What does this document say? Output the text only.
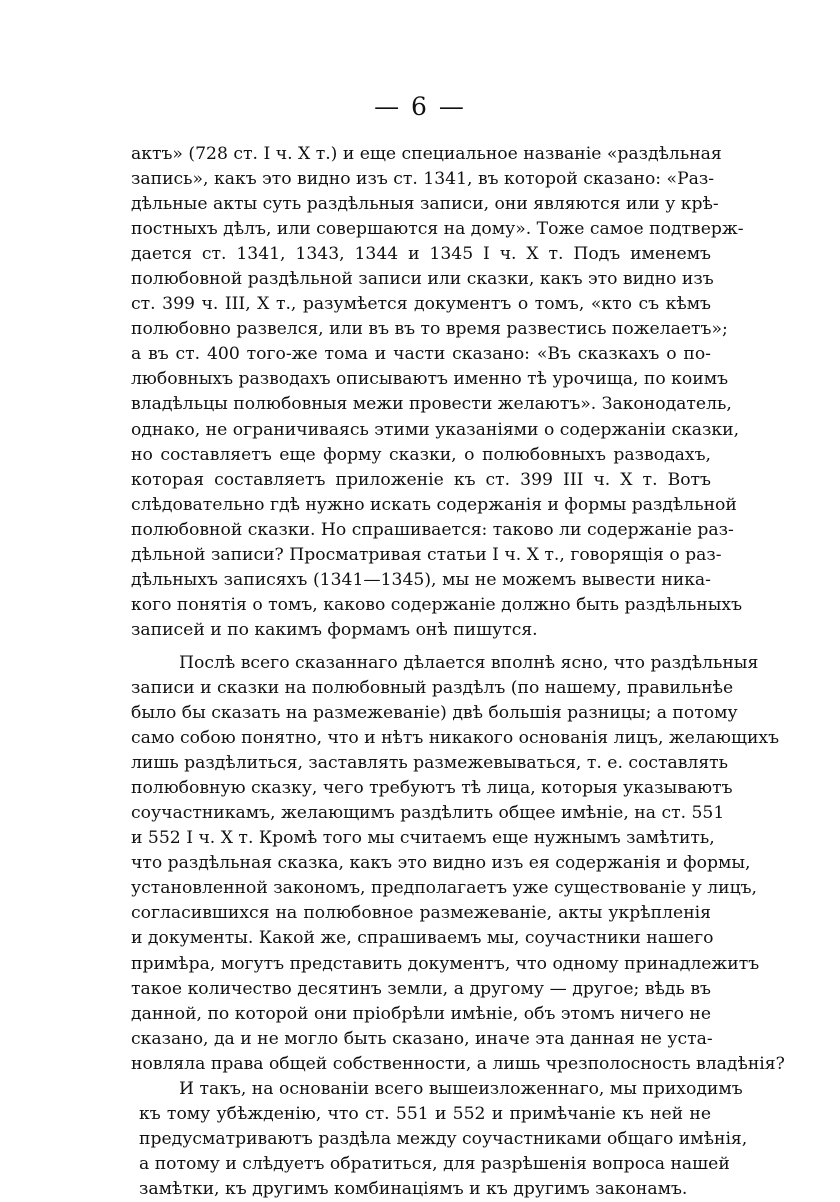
— 6 —
актъ» (728 ст. I ч. X т.) и еще специальное названіе «раздѣльная
запись», какъ это видно изъ ст. 1341, въ которой сказано: «Раз-
дѣльные акты суть раздѣльныя записи, они являются или у крѣ-
постныхъ дѣлъ, или совершаются на дому». Тоже самое подтверж-
дается ст. 1341, 1343, 1344 и 1345 I ч. X т. Подъ именемъ
полюбовной раздѣльной записи или сказки, какъ это видно изъ
ст. 399 ч. III, X т., разумѣется документъ о томъ, «кто съ кѣмъ
полюбовно развелся, или въ въ то время развестись пожелаетъ»;
а въ ст. 400 того-же тома и части сказано: «Въ сказкахъ о по-
любовныхъ разводахъ описываютъ именно тѣ урочища, по коимъ
владѣльцы полюбовныя межи провести желаютъ». Законодатель,
однако, не ограничиваясь этими указаніями о содержаніи сказки,
но составляетъ еще форму сказки, о полюбовныхъ разводахъ,
которая составляетъ приложеніе къ ст. 399 III ч. X т. Вотъ
слѣдовательно гдѣ нужно искать содержанія и формы раздѣльной
полюбовной сказки. Но спрашивается: таково ли содержаніе раз-
дѣльной записи? Просматривая статьи I ч. X т., говорящія о раз-
дѣльныхъ записяхъ (1341—1345), мы не можемъ вывести ника-
кого понятія о томъ, каково содержаніе должно быть раздѣльныхъ
записей и по какимъ формамъ онѣ пишутся.
Послѣ всего сказаннаго дѣлается вполнѣ ясно, что раздѣльныя
записи и сказки на полюбовный раздѣлъ (по нашему, правильнѣе
было бы сказать на размежеваніе) двѣ большія разницы; а потому
само собою понятно, что и нѣтъ никакого основанія лицъ, желающихъ
лишь раздѣлиться, заставлять размежевываться, т. е. составлять
полюбовную сказку, чего требуютъ тѣ лица, которыя указываютъ
соучастникамъ, желающимъ раздѣлить общее имѣніе, на ст. 551
и 552 I ч. X т. Кромѣ того мы считаемъ еще нужнымъ замѣтить,
что раздѣльная сказка, какъ это видно изъ ея содержанія и формы,
установленной закономъ, предполагаетъ уже существованіе у лицъ,
согласившихся на полюбовное размежеваніе, акты укрѣпленія
и документы. Какой же, спрашиваемъ мы, соучастники нашего
примѣра, могутъ представить документъ, что одному принадлежитъ
такое количество десятинъ земли, а другому — другое; вѣдь въ
данной, по которой они пріобрѣли имѣніе, объ этомъ ничего не
сказано, да и не могло быть сказано, иначе эта данная не уста-
новляла права общей собственности, а лишь чрезполосность владѣнія?
И такъ, на основаніи всего вышеизложеннаго, мы приходимъ
къ тому убѣжденію, что ст. 551 и 552 и примѣчаніе къ ней не
предусматриваютъ раздѣла между соучастниками общаго имѣнія,
а потому и слѣдуетъ обратиться, для разрѣшенія вопроса нашей
замѣтки, къ другимъ комбинаціямъ и къ другимъ законамъ.
